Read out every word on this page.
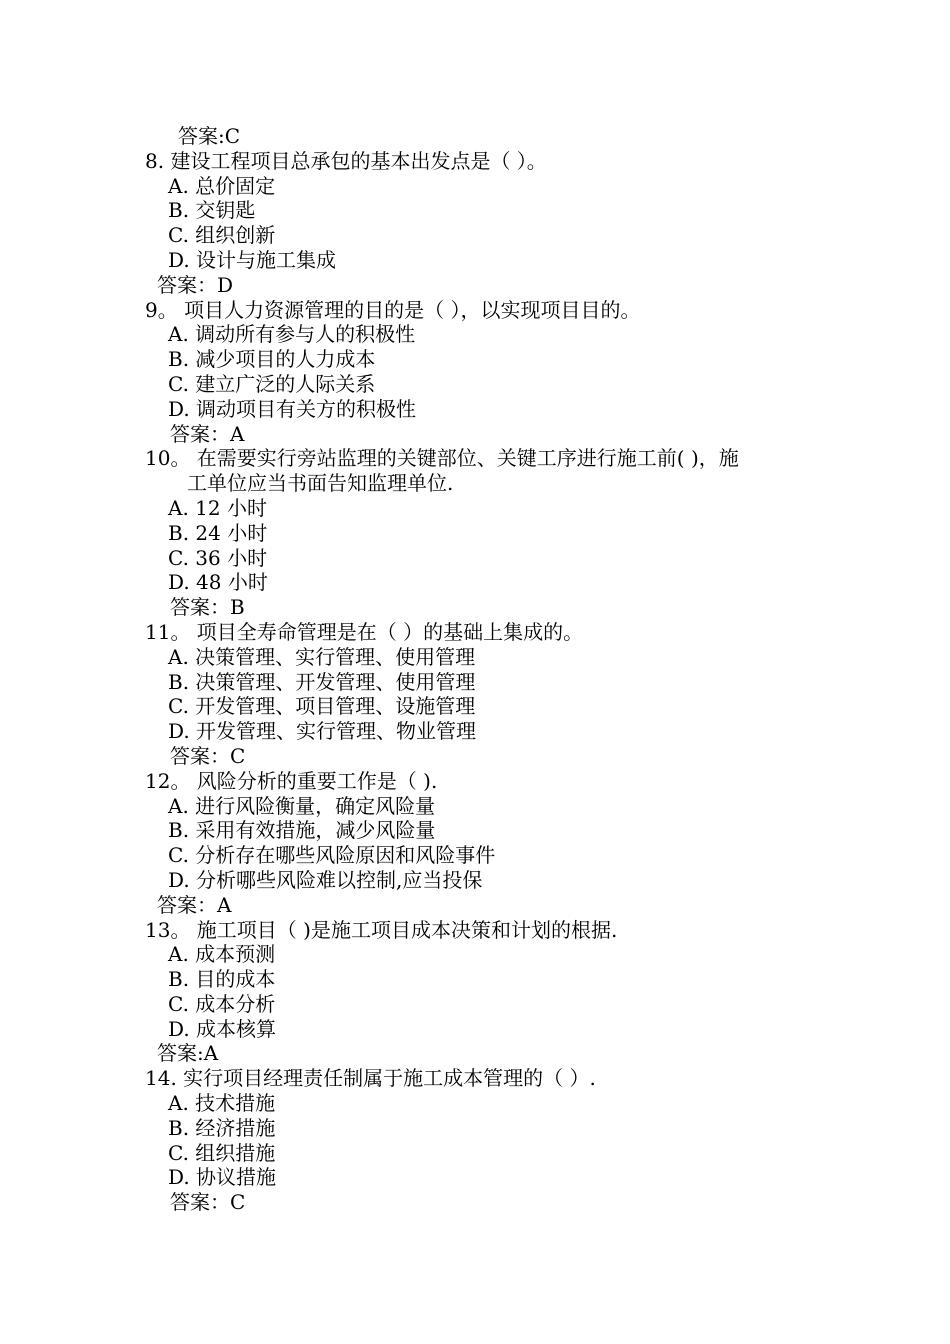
答案:C
8. 建设工程项目总承包的基本出发点是（ ）。
A. 总价固定
B. 交钥匙
C. 组织创新
D. 设计与施工集成
答案：D
9。 项目人力资源管理的目的是（ ），以实现项目目的。
A. 调动所有参与人的积极性
B. 减少项目的人力成本
C. 建立广泛的人际关系
D. 调动项目有关方的积极性
答案：A
10。 在需要实行旁站监理的关键部位、关键工序进行施工前( )，施
工单位应当书面告知监理单位.
A. 12 小时
B. 24 小时
C. 36 小时
D. 48 小时
答案：B
11。 项目全寿命管理是在（ ）的基础上集成的。
A. 决策管理、实行管理、使用管理
B. 决策管理、开发管理、使用管理
C. 开发管理、项目管理、设施管理
D. 开发管理、实行管理、物业管理
答案：C
12。 风险分析的重要工作是（ ).
A. 进行风险衡量，确定风险量
B. 采用有效措施，减少风险量
C. 分析存在哪些风险原因和风险事件
D. 分析哪些风险难以控制,应当投保
答案：A
13。 施工项目（ )是施工项目成本决策和计划的根据.
A. 成本预测
B. 目的成本
C. 成本分析
D. 成本核算
答案:A
14. 实行项目经理责任制属于施工成本管理的（ ）.
A. 技术措施
B. 经济措施
C. 组织措施
D. 协议措施
答案：C
